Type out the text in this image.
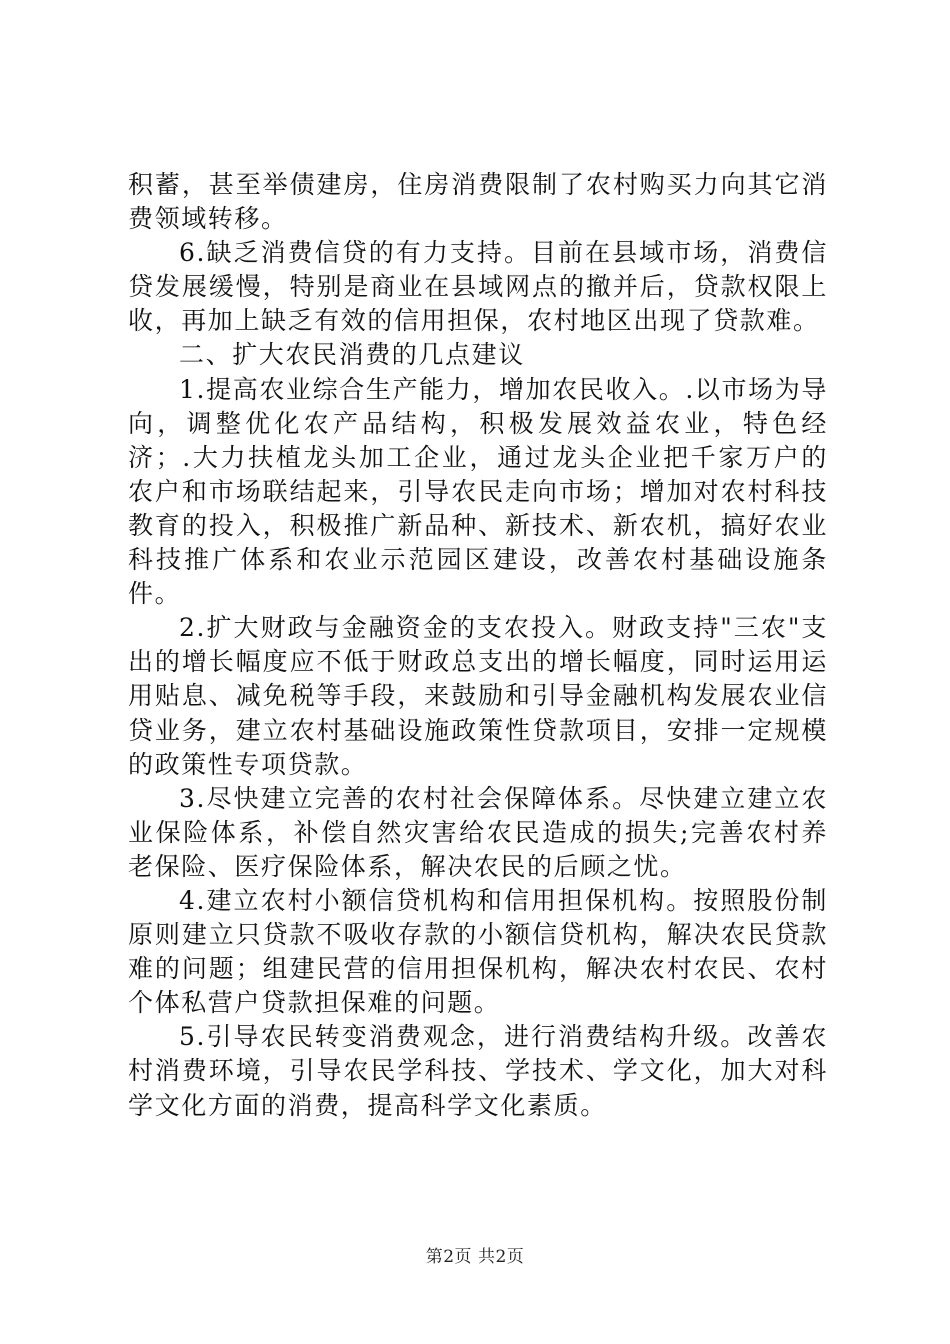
积蓄，甚至举债建房，住房消费限制了农村购买力向其它消费领域转移。

6.缺乏消费信贷的有力支持。目前在县域市场，消费信贷发展缓慢，特别是商业在县域网点的撤并后，贷款权限上收，再加上缺乏有效的信用担保，农村地区出现了贷款难。

二、扩大农民消费的几点建议

1.提高农业综合生产能力，增加农民收入。.以市场为导向，调整优化农产品结构，积极发展效益农业，特色经济；.大力扶植龙头加工企业，通过龙头企业把千家万户的农户和市场联结起来，引导农民走向市场；增加对农村科技教育的投入，积极推广新品种、新技术、新农机，搞好农业科技推广体系和农业示范园区建设，改善农村基础设施条件。

2.扩大财政与金融资金的支农投入。财政支持"三农"支出的增长幅度应不低于财政总支出的增长幅度，同时运用运用贴息、减免税等手段，来鼓励和引导金融机构发展农业信贷业务，建立农村基础设施政策性贷款项目，安排一定规模的政策性专项贷款。

3.尽快建立完善的农村社会保障体系。尽快建立建立农业保险体系，补偿自然灾害给农民造成的损失;完善农村养老保险、医疗保险体系，解决农民的后顾之忧。

4.建立农村小额信贷机构和信用担保机构。按照股份制原则建立只贷款不吸收存款的小额信贷机构，解决农民贷款难的问题；组建民营的信用担保机构，解决农村农民、农村个体私营户贷款担保难的问题。

5.引导农民转变消费观念，进行消费结构升级。改善农村消费环境，引导农民学科技、学技术、学文化，加大对科学文化方面的消费，提高科学文化素质。

第2页 共2页
